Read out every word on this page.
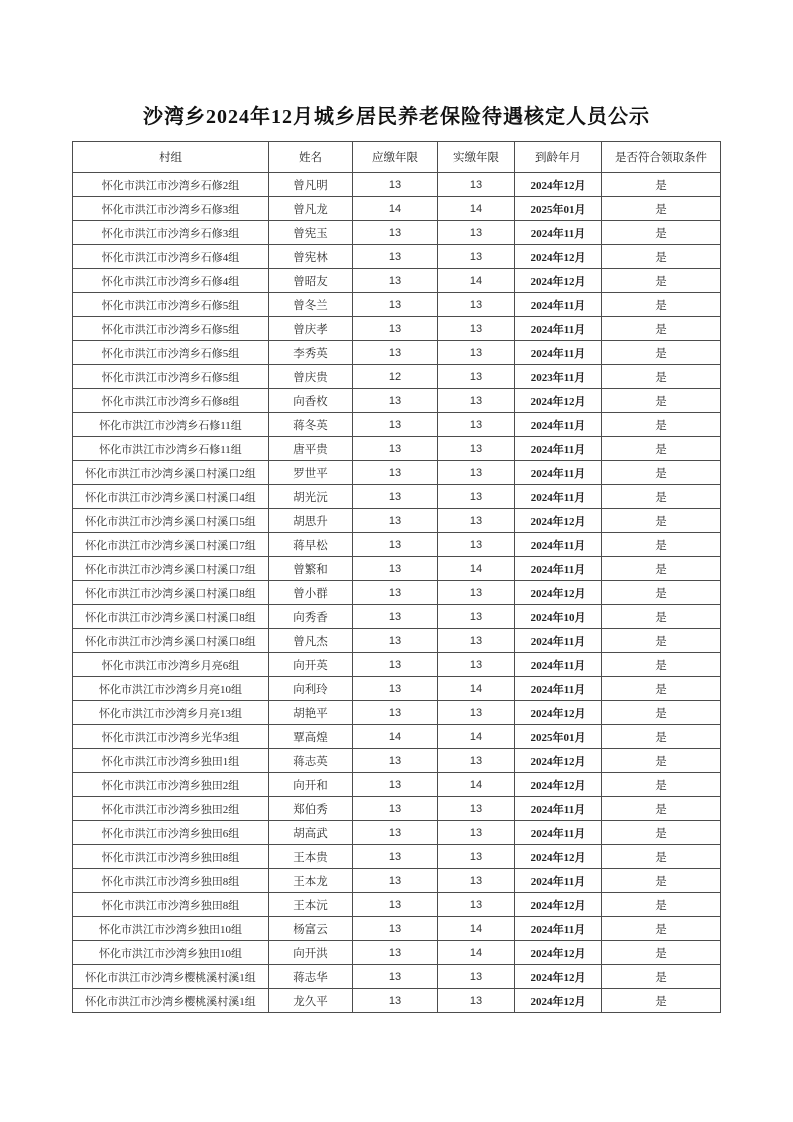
沙湾乡2024年12月城乡居民养老保险待遇核定人员公示
村组	姓名	应缴年限	实缴年限	到龄年月	是否符合领取条件
怀化市洪江市沙湾乡石修2组	曾凡明	13	13	2024年12月	是
怀化市洪江市沙湾乡石修3组	曾凡龙	14	14	2025年01月	是
怀化市洪江市沙湾乡石修3组	曾宪玉	13	13	2024年11月	是
怀化市洪江市沙湾乡石修4组	曾宪林	13	13	2024年12月	是
怀化市洪江市沙湾乡石修4组	曾昭友	13	14	2024年12月	是
怀化市洪江市沙湾乡石修5组	曾冬兰	13	13	2024年11月	是
怀化市洪江市沙湾乡石修5组	曾庆孝	13	13	2024年11月	是
怀化市洪江市沙湾乡石修5组	李秀英	13	13	2024年11月	是
怀化市洪江市沙湾乡石修5组	曾庆贵	12	13	2023年11月	是
怀化市洪江市沙湾乡石修8组	向香枚	13	13	2024年12月	是
怀化市洪江市沙湾乡石修11组	蒋冬英	13	13	2024年11月	是
怀化市洪江市沙湾乡石修11组	唐平贵	13	13	2024年11月	是
怀化市洪江市沙湾乡溪口村溪口2组	罗世平	13	13	2024年11月	是
怀化市洪江市沙湾乡溪口村溪口4组	胡光沅	13	13	2024年11月	是
怀化市洪江市沙湾乡溪口村溪口5组	胡思升	13	13	2024年12月	是
怀化市洪江市沙湾乡溪口村溪口7组	蒋早松	13	13	2024年11月	是
怀化市洪江市沙湾乡溪口村溪口7组	曾繁和	13	14	2024年11月	是
怀化市洪江市沙湾乡溪口村溪口8组	曾小群	13	13	2024年12月	是
怀化市洪江市沙湾乡溪口村溪口8组	向秀香	13	13	2024年10月	是
怀化市洪江市沙湾乡溪口村溪口8组	曾凡杰	13	13	2024年11月	是
怀化市洪江市沙湾乡月亮6组	向开英	13	13	2024年11月	是
怀化市洪江市沙湾乡月亮10组	向利玲	13	14	2024年11月	是
怀化市洪江市沙湾乡月亮13组	胡艳平	13	13	2024年12月	是
怀化市洪江市沙湾乡光华3组	覃高煌	14	14	2025年01月	是
怀化市洪江市沙湾乡独田1组	蒋志英	13	13	2024年12月	是
怀化市洪江市沙湾乡独田2组	向开和	13	14	2024年12月	是
怀化市洪江市沙湾乡独田2组	郑伯秀	13	13	2024年11月	是
怀化市洪江市沙湾乡独田6组	胡高武	13	13	2024年11月	是
怀化市洪江市沙湾乡独田8组	王本贵	13	13	2024年12月	是
怀化市洪江市沙湾乡独田8组	王本龙	13	13	2024年11月	是
怀化市洪江市沙湾乡独田8组	王本沅	13	13	2024年12月	是
怀化市洪江市沙湾乡独田10组	杨富云	13	14	2024年11月	是
怀化市洪江市沙湾乡独田10组	向开洪	13	14	2024年12月	是
怀化市洪江市沙湾乡樱桃溪村溪1组	蒋志华	13	13	2024年12月	是
怀化市洪江市沙湾乡樱桃溪村溪1组	龙久平	13	13	2024年12月	是
